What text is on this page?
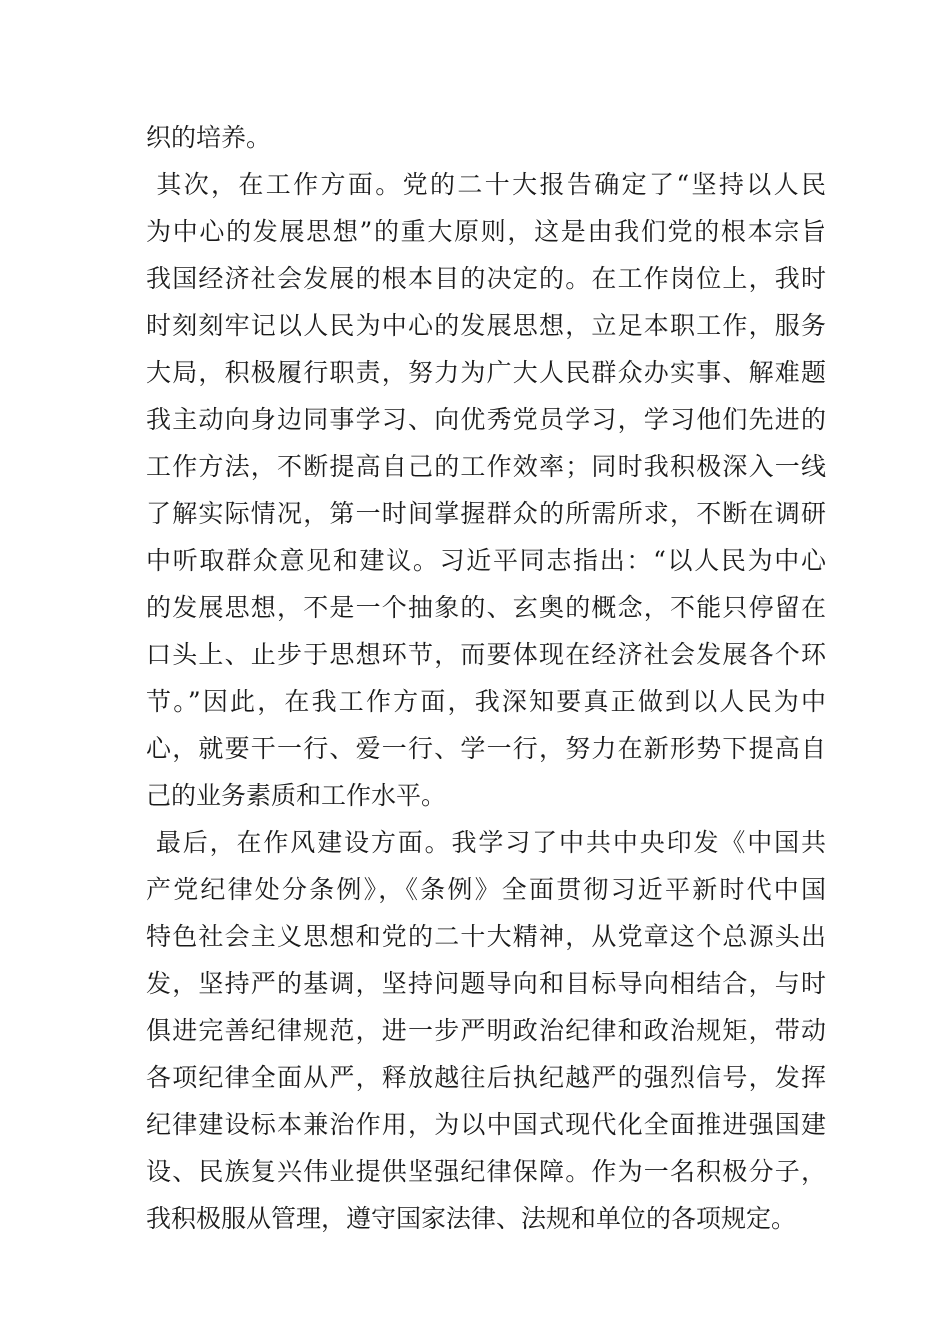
织的培养。
其次，在工作方面。党的二十大报告确定了“坚持以人民
为中心的发展思想”的重大原则，这是由我们党的根本宗旨
我国经济社会发展的根本目的决定的。在工作岗位上，我时
时刻刻牢记以人民为中心的发展思想，立足本职工作，服务
大局，积极履行职责，努力为广大人民群众办实事、解难题
我主动向身边同事学习、向优秀党员学习，学习他们先进的
工作方法，不断提高自己的工作效率；同时我积极深入一线
了解实际情况，第一时间掌握群众的所需所求，不断在调研
中听取群众意见和建议。习近平同志指出：“以人民为中心
的发展思想，不是一个抽象的、玄奥的概念，不能只停留在
口头上、止步于思想环节，而要体现在经济社会发展各个环
节。”因此，在我工作方面，我深知要真正做到以人民为中
心，就要干一行、爱一行、学一行，努力在新形势下提高自
己的业务素质和工作水平。
最后，在作风建设方面。我学习了中共中央印发《中国共
产党纪律处分条例》，《条例》全面贯彻习近平新时代中国
特色社会主义思想和党的二十大精神，从党章这个总源头出
发，坚持严的基调，坚持问题导向和目标导向相结合，与时
俱进完善纪律规范，进一步严明政治纪律和政治规矩，带动
各项纪律全面从严，释放越往后执纪越严的强烈信号，发挥
纪律建设标本兼治作用，为以中国式现代化全面推进强国建
设、民族复兴伟业提供坚强纪律保障。作为一名积极分子，
我积极服从管理，遵守国家法律、法规和单位的各项规定。
